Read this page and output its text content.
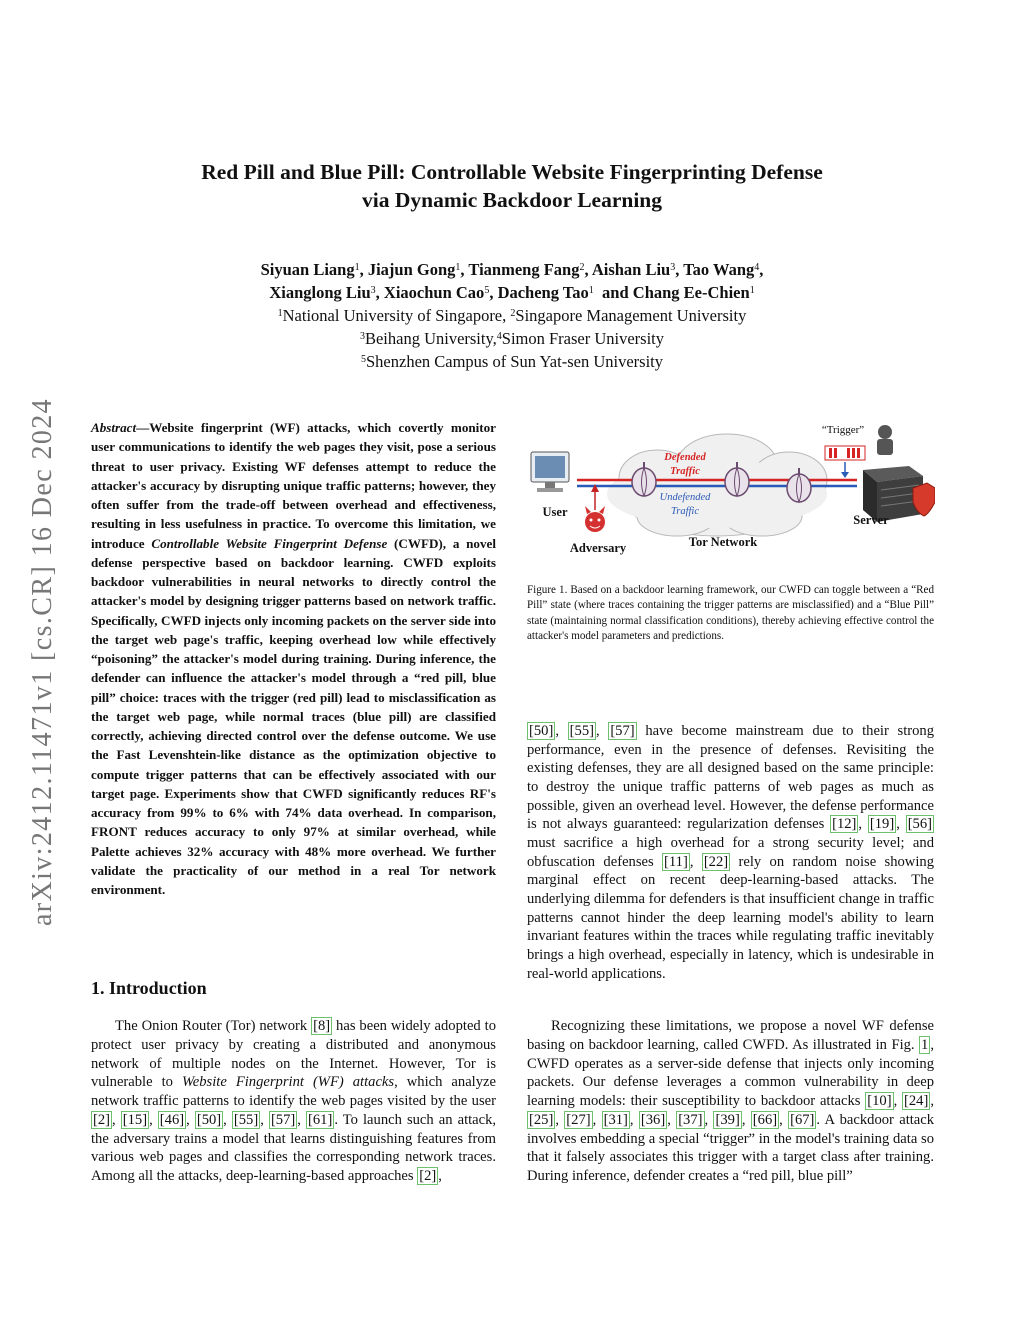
arXiv:2412.11471v1 [cs.CR] 16 Dec 2024
Red Pill and Blue Pill: Controllable Website Fingerprinting Defense
via Dynamic Backdoor Learning
Siyuan Liang$^1$, Jiajun Gong$^1$, Tianmeng Fang$^2$, Aishan Liu$^3$, Tao Wang$^4$,
Xianglong Liu$^3$, Xiaochun Cao$^5$, Dacheng Tao$^1$ and Chang Ee-Chien$^1$
$^1$National University of Singapore, $^2$Singapore Management University
$^3$Beihang University,$^4$Simon Fraser University
$^5$Shenzhen Campus of Sun Yat-sen University

Abstract—Website fingerprint (WF) attacks, which covertly monitor user communications to identify the web pages they visit, pose a serious threat to user privacy. Existing WF defenses attempt to reduce the attacker's accuracy by disrupting unique traffic patterns; however, they often suffer from the trade-off between overhead and effectiveness, resulting in less usefulness in practice. To overcome this limitation, we introduce Controllable Website Fingerprint Defense (CWFD), a novel defense perspective based on backdoor learning. CWFD exploits backdoor vulnerabilities in neural networks to directly control the attacker's model by designing trigger patterns based on network traffic. Specifically, CWFD injects only incoming packets on the server side into the target web page's traffic, keeping overhead low while effectively “poisoning” the attacker's model during training. During inference, the defender can influence the attacker's model through a “red pill, blue pill” choice: traces with the trigger (red pill) lead to misclassification as the target web page, while normal traces (blue pill) are classified correctly, achieving directed control over the defense outcome. We use the Fast Levenshtein-like distance as the optimization objective to compute trigger patterns that can be effectively associated with our target page. Experiments show that CWFD significantly reduces RF's accuracy from 99% to 6% with 74% data overhead. In comparison, FRONT reduces accuracy to only 97% at similar overhead, while Palette achieves 32% accuracy with 48% more overhead. We further validate the practicality of our method in a real Tor network environment.

1. Introduction

The Onion Router (Tor) network [8] has been widely adopted to protect user privacy by creating a distributed and anonymous network of multiple nodes on the Internet. However, Tor is vulnerable to Website Fingerprint (WF) attacks, which analyze network traffic patterns to identify the web pages visited by the user [2] , [15] , [46] , [50] , [55] , [57] , [61] . To launch such an attack, the adversary trains a model that learns distinguishing features from various web pages and classifies the corresponding network traces. Among all the attacks, deep-learning-based approaches [2] ,

Defended
Traffic
Undefended
Traffic
“Trigger”
User
Server
Adversary	Tor Network
Figure 1. Based on a backdoor learning framework, our CWFD can toggle between a “Red Pill” state (where traces containing the trigger patterns are misclassified) and a “Blue Pill” state (maintaining normal classification conditions), thereby achieving effective control the attacker's model parameters and predictions.

[50] , [55] , [57] have become mainstream due to their strong performance, even in the presence of defenses. Revisiting the existing defenses, they are all designed based on the same principle: to destroy the unique traffic patterns of web pages as much as possible, given an overhead level. However, the defense performance is not always guaranteed: regularization defenses [12] , [19] , [56] must sacrifice a high overhead for a strong security level; and obfuscation defenses [11] , [22] rely on random noise showing marginal effect on recent deep-learning-based attacks. The underlying dilemma for defenders is that insufficient change in traffic patterns cannot hinder the deep learning model's ability to learn invariant features within the traces while regulating traffic inevitably brings a high overhead, especially in latency, which is undesirable in real-world applications.

Recognizing these limitations, we propose a novel WF defense basing on backdoor learning, called CWFD. As illustrated in Fig. 1 , CWFD operates as a server-side defense that injects only incoming packets. Our defense leverages a common vulnerability in deep learning models: their susceptibility to backdoor attacks [10] , [24] , [25] , [27] , [31] , [36] , [37] , [39] , [66] , [67] . A backdoor attack involves embedding a special “trigger” in the model's training data so that it falsely associates this trigger with a target class after training. During inference, defender creates a “red pill, blue pill”
